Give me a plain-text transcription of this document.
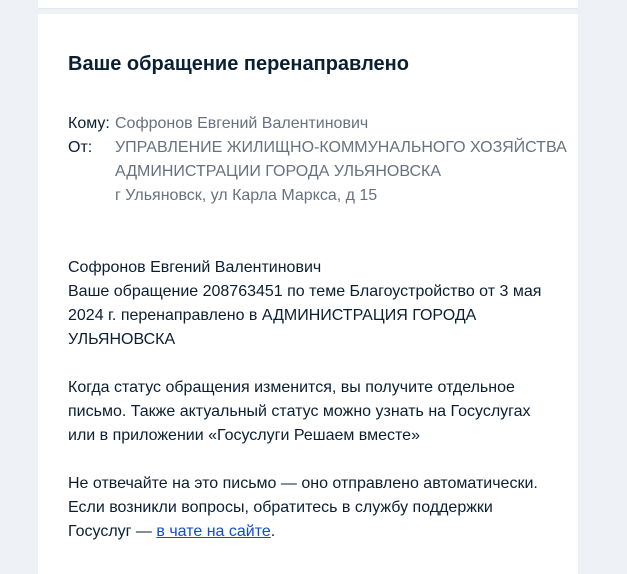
Ваше обращение перенаправлено
Кому: Софронов Евгений Валентинович
От:	УПРАВЛЕНИЕ ЖИЛИЩНО-КОММУНАЛЬНОГО ХОЗЯЙСТВА АДМИНИСТРАЦИИ ГОРОДА УЛЬЯНОВСКА
г Ульяновск, ул Карла Маркса, д 15

Софронов Евгений Валентинович
Ваше обращение 208763451 по теме Благоустройство от 3 мая 2024 г. перенаправлено в АДМИНИСТРАЦИЯ ГОРОДА УЛЬЯНОВСКА

Когда статус обращения изменится, вы получите отдельное письмо. Также актуальный статус можно узнать на Госуслугах или в приложении «Госуслуги Решаем вместе»

Не отвечайте на это письмо — оно отправлено автоматически. Если возникли вопросы, обратитесь в службу поддержки Госуслуг — в чате на сайте.
